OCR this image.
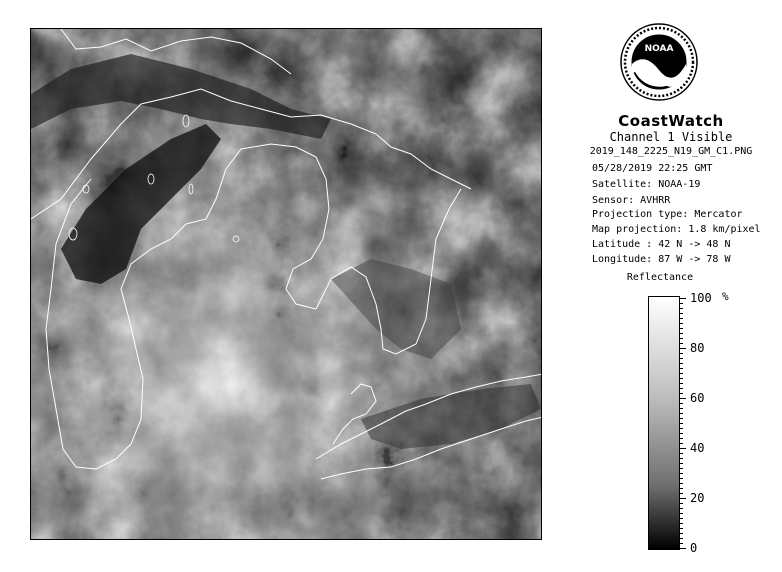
NOAA
CoastWatch
Channel 1 Visible
2019_148_2225_N19_GM_C1.PNG
05/28/2019 22:25 GMT
Satellite: NOAA-19
Sensor: AVHRR
Projection type: Mercator
Map projection: 1.8 km/pixel
Latitude : 42 N -> 48 N
Longitude: 87 W -> 78 W
Reflectance
%
100
80
60
40
20
0
